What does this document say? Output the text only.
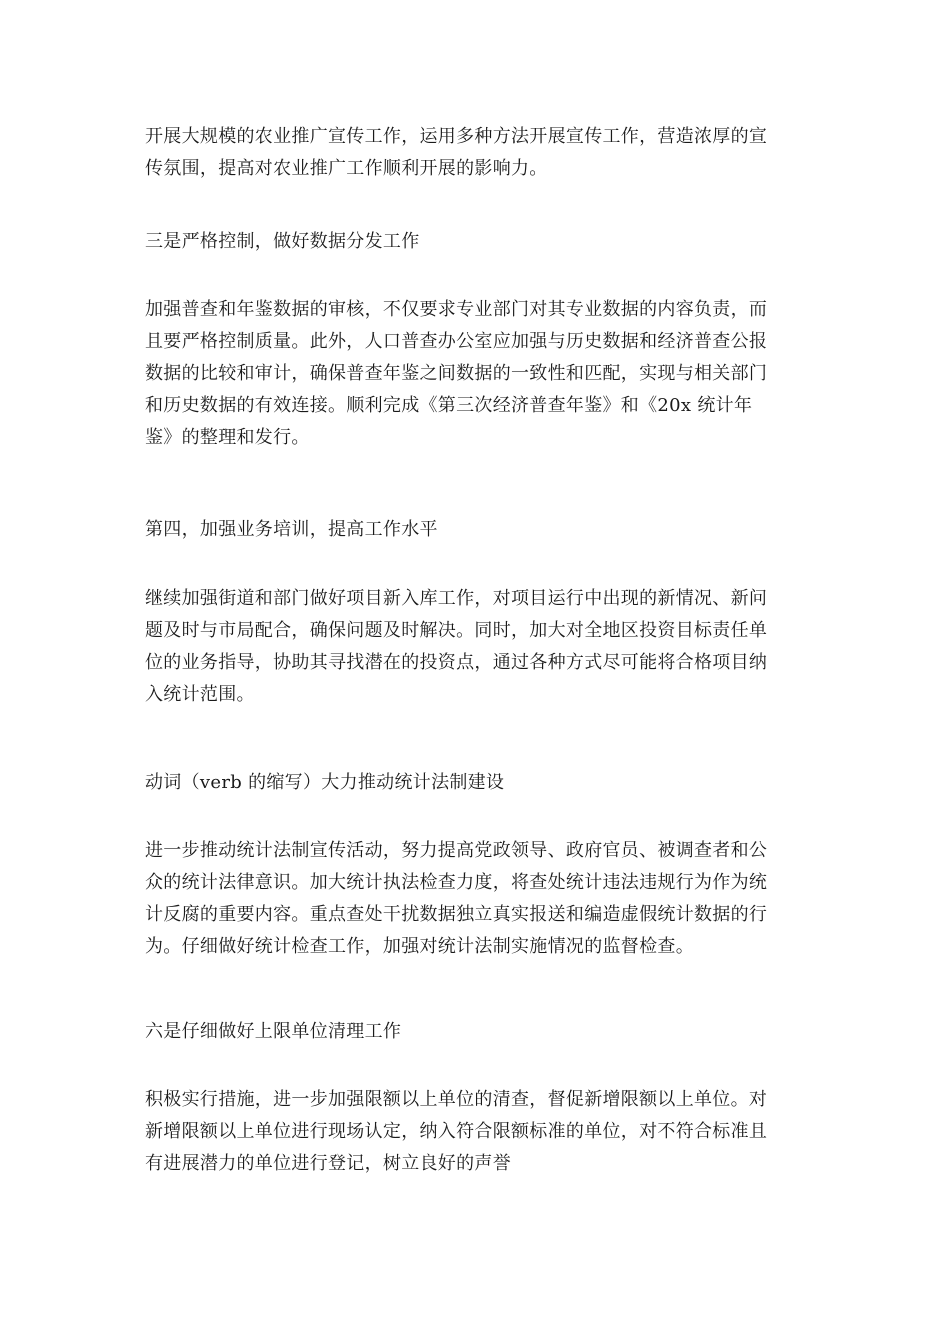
开展大规模的农业推广宣传工作，运用多种方法开展宣传工作，营造浓厚的宣
传氛围，提高对农业推广工作顺利开展的影响力。
三是严格控制，做好数据分发工作
加强普查和年鉴数据的审核，不仅要求专业部门对其专业数据的内容负责，而
且要严格控制质量。此外，人口普查办公室应加强与历史数据和经济普查公报
数据的比较和审计，确保普查年鉴之间数据的一致性和匹配，实现与相关部门
和历史数据的有效连接。顺利完成《第三次经济普查年鉴》和《20x 统计年
鉴》的整理和发行。
第四，加强业务培训，提高工作水平
继续加强街道和部门做好项目新入库工作，对项目运行中出现的新情况、新问
题及时与市局配合，确保问题及时解决。同时，加大对全地区投资目标责任单
位的业务指导，协助其寻找潜在的投资点，通过各种方式尽可能将合格项目纳
入统计范围。
动词（verb 的缩写）大力推动统计法制建设
进一步推动统计法制宣传活动，努力提高党政领导、政府官员、被调查者和公
众的统计法律意识。加大统计执法检查力度，将查处统计违法违规行为作为统
计反腐的重要内容。重点查处干扰数据独立真实报送和编造虚假统计数据的行
为。仔细做好统计检查工作，加强对统计法制实施情况的监督检查。
六是仔细做好上限单位清理工作
积极实行措施，进一步加强限额以上单位的清查，督促新增限额以上单位。对
新增限额以上单位进行现场认定，纳入符合限额标准的单位，对不符合标准且
有进展潜力的单位进行登记，树立良好的声誉
